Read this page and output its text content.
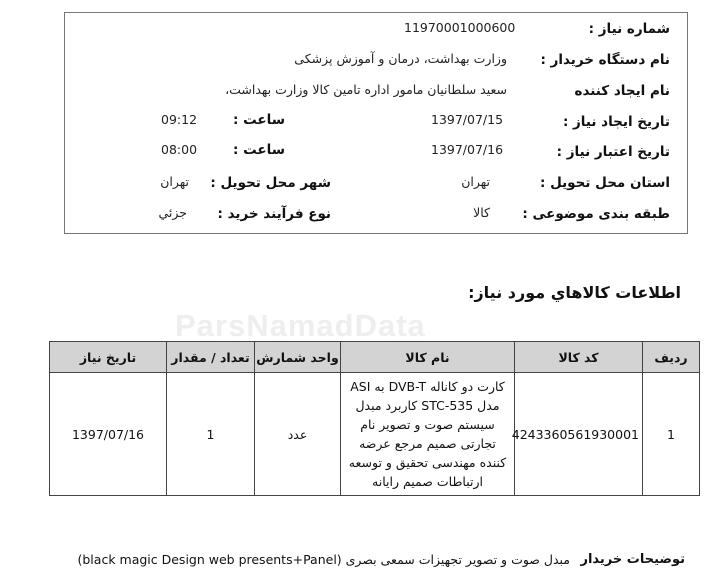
شماره نیاز :
11970001000600
نام دستگاه خریدار :
وزارت بهداشت، درمان و آموزش پزشکی
نام ایجاد کننده
سعید سلطانیان مامور اداره تامین کالا وزارت بهداشت،
تاریخ ایجاد نیاز :
1397/07/15
ساعت :
09:12
تاریخ اعتبار نیاز :
1397/07/16
ساعت :
08:00
استان محل تحویل :
تهران
شهر محل تحویل :
تهران
طبقه بندی موضوعی :
کالا
نوع فرآیند خرید :
جزئي
اطلاعات كالاهاي مورد نياز:
ParsNamadData
ردیف	کد کالا	نام کالا	واحد شمارش	تعداد / مقدار	تاریخ نیاز
1	4243360561930001	کارت دو کاناله DVB-T به ASI مدل STC-535 کاربرد مبدل سیستم صوت و تصویر نام تجارتی صمیم مرجع عرضه کننده مهندسی تحقیق و توسعه ارتباطات صمیم رایانه	عدد	1	1397/07/16
توضیحات خریدار
مبدل صوت و تصویر تجهیزات سمعی بصری (black magic Design web presents+Panel)
